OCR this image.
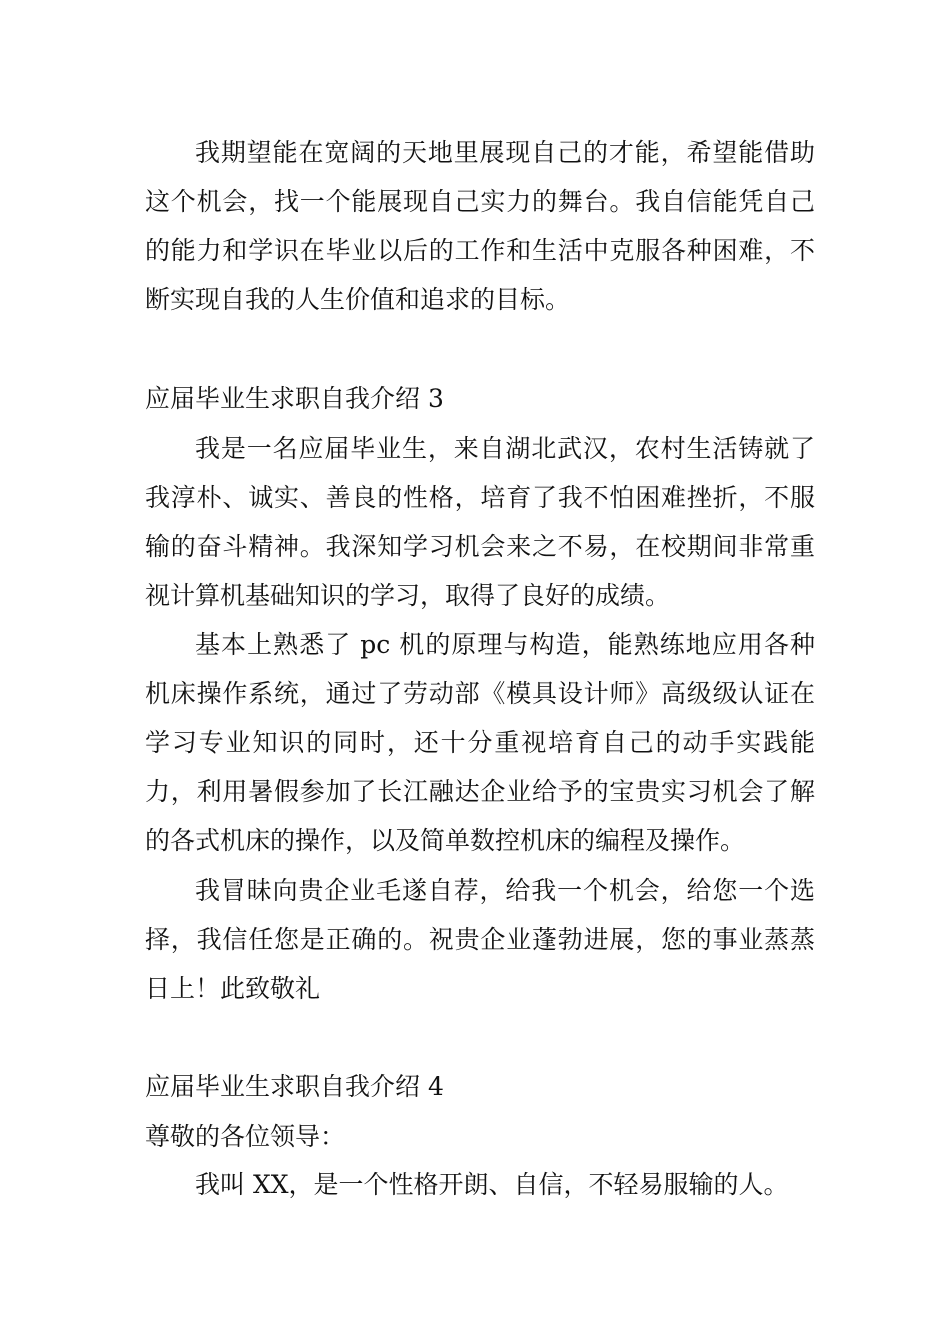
我期望能在宽阔的天地里展现自己的才能，希望能借助这个机会，找一个能展现自己实力的舞台。我自信能凭自己的能力和学识在毕业以后的工作和生活中克服各种困难，不断实现自我的人生价值和追求的目标。

应届毕业生求职自我介绍 3

我是一名应届毕业生，来自湖北武汉，农村生活铸就了我淳朴、诚实、善良的性格，培育了我不怕困难挫折，不服输的奋斗精神。我深知学习机会来之不易，在校期间非常重视计算机基础知识的学习，取得了良好的成绩。

基本上熟悉了 pc 机的原理与构造，能熟练地应用各种机床操作系统，通过了劳动部《模具设计师》高级级认证在学习专业知识的同时，还十分重视培育自己的动手实践能力，利用暑假参加了长江融达企业给予的宝贵实习机会了解的各式机床的操作，以及简单数控机床的编程及操作。

我冒昧向贵企业毛遂自荐，给我一个机会，给您一个选择，我信任您是正确的。祝贵企业蓬勃进展，您的事业蒸蒸日上！此致敬礼

应届毕业生求职自我介绍 4

尊敬的各位领导：

我叫 XX，是一个性格开朗、自信，不轻易服输的人。
